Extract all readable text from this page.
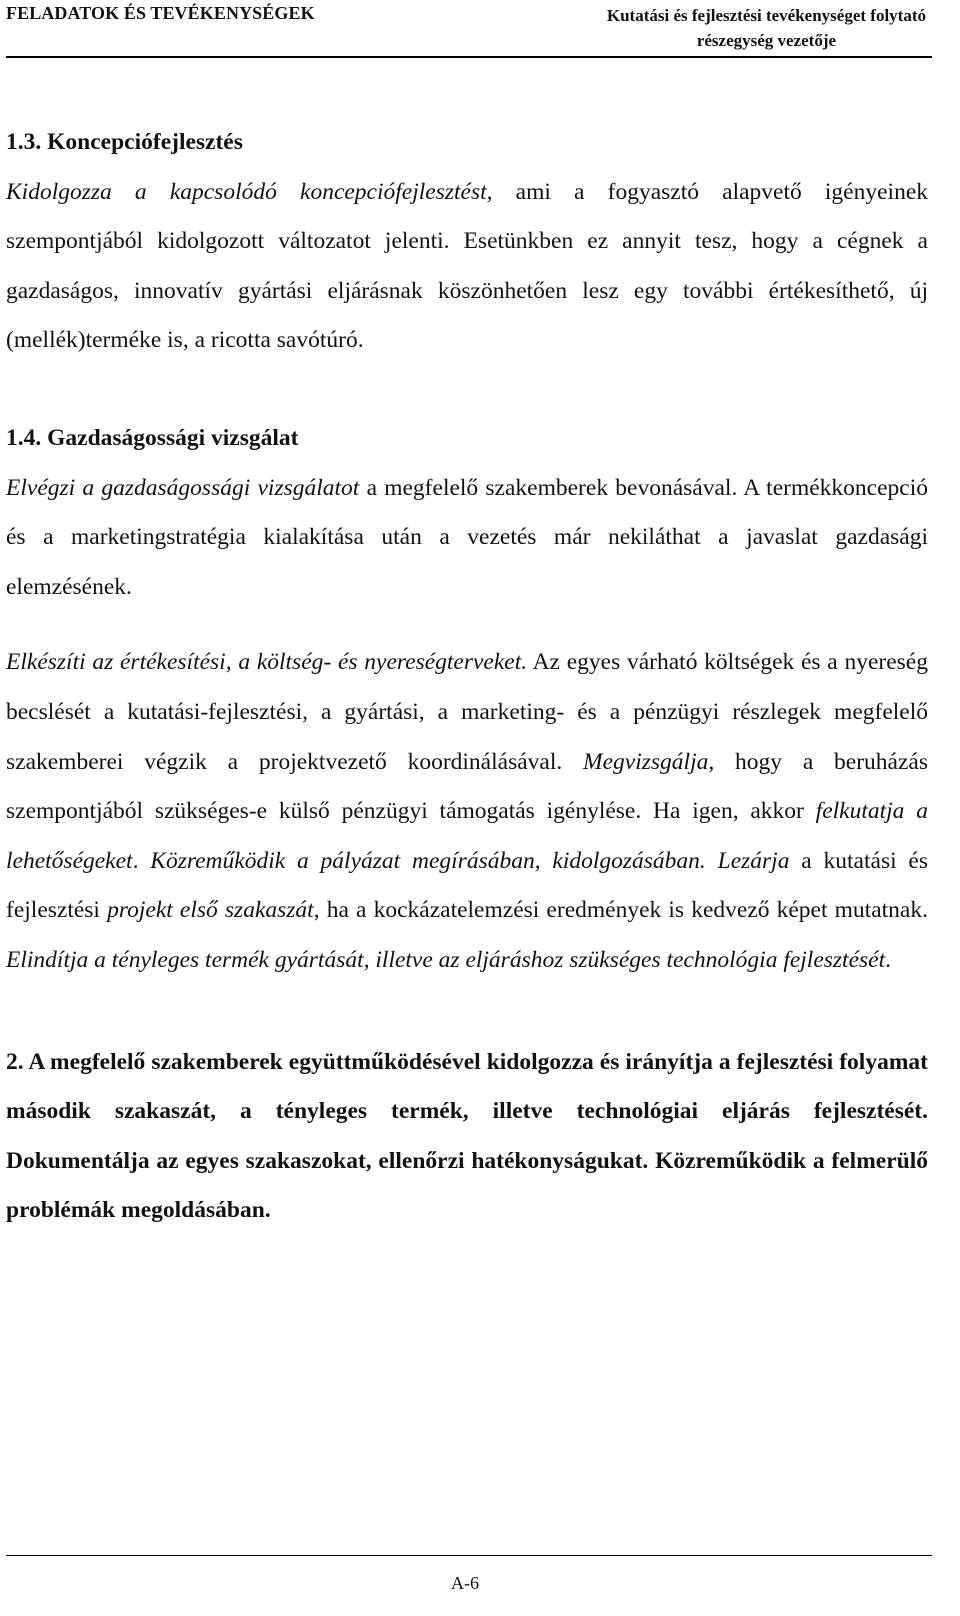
FELADATOK ÉS TEVÉKENYSÉGEK	Kutatási és fejlesztési tevékenységet folytató
részegység vezetője
1.3. Koncepciófejlesztés

Kidolgozza a kapcsolódó koncepciófejlesztést, ami a fogyasztó alapvető igényeinek szempontjából kidolgozott változatot jelenti. Esetünkben ez annyit tesz, hogy a cégnek a gazdaságos, innovatív gyártási eljárásnak köszönhetően lesz egy további értékesíthető, új (mellék)terméke is, a ricotta savótúró.

1.4. Gazdaságossági vizsgálat

Elvégzi a gazdaságossági vizsgálatot a megfelelő szakemberek bevonásával. A termékkoncepció és a marketingstratégia kialakítása után a vezetés már nekiláthat a javaslat gazdasági elemzésének.

Elkészíti az értékesítési, a költség- és nyereségterveket. Az egyes várható költségek és a nyereség becslését a kutatási-fejlesztési, a gyártási, a marketing- és a pénzügyi részlegek megfelelő szakemberei végzik a projektvezető koordinálásával. Megvizsgálja, hogy a beruházás szempontjából szükséges-e külső pénzügyi támogatás igénylése. Ha igen, akkor felkutatja a lehetőségeket. Közreműködik a pályázat megírásában, kidolgozásában. Lezárja a kutatási és fejlesztési projekt első szakaszát, ha a kockázatelemzési eredmények is kedvező képet mutatnak. Elindítja a tényleges termék gyártását, illetve az eljáráshoz szükséges technológia fejlesztését.

2. A megfelelő szakemberek együttműködésével kidolgozza és irányítja a fejlesztési folyamat második szakaszát, a tényleges termék, illetve technológiai eljárás fejlesztését. Dokumentálja az egyes szakaszokat, ellenőrzi hatékonyságukat. Közreműködik a felmerülő problémák megoldásában.

A-6
